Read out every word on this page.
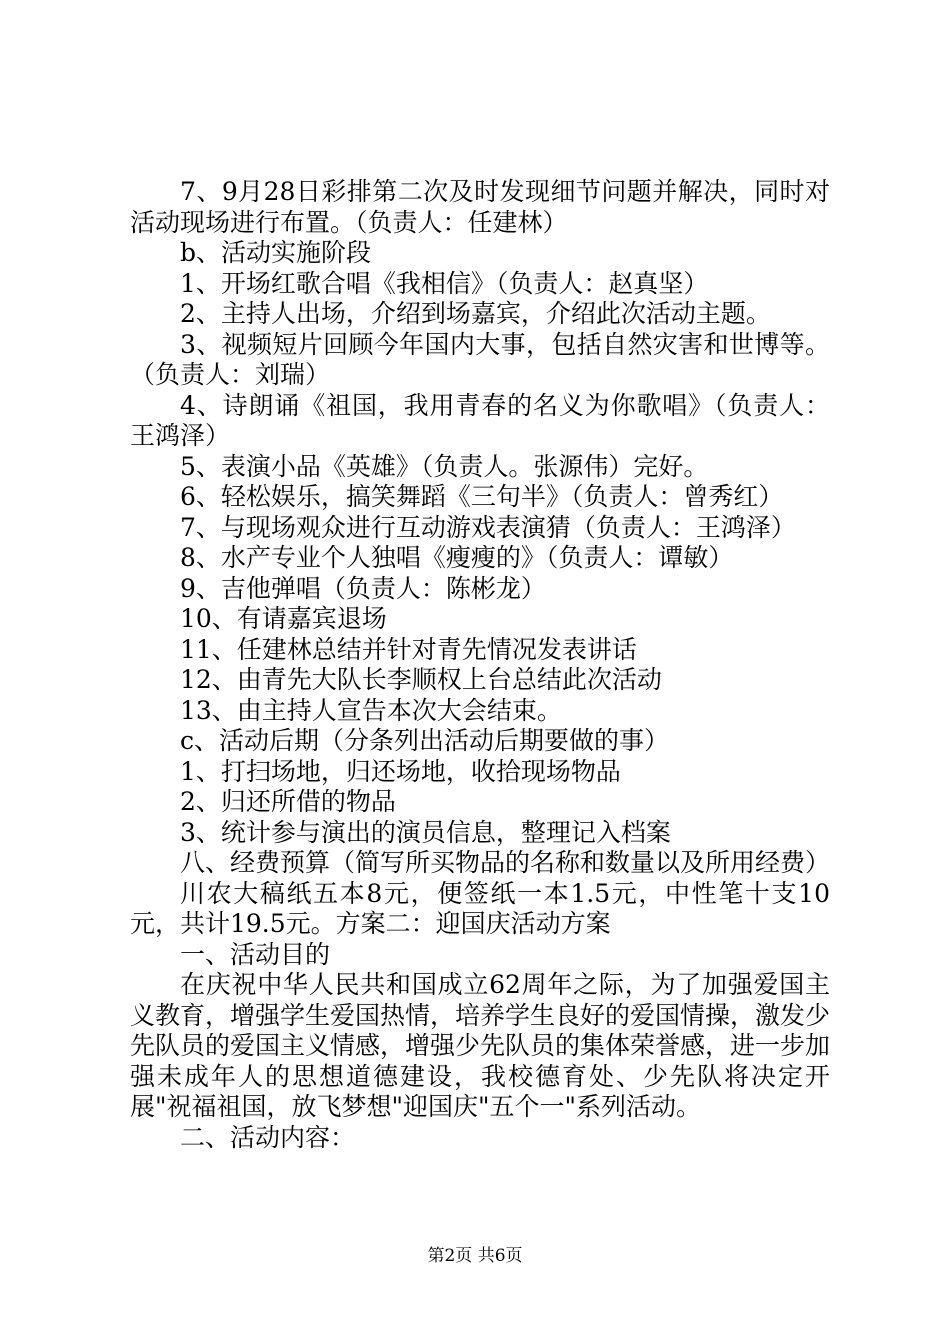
7、9月28日彩排第二次及时发现细节问题并解决，同时对活动现场进行布置。（负责人：任建林）

b、活动实施阶段

1、开场红歌合唱《我相信》（负责人：赵真坚）

2、主持人出场，介绍到场嘉宾，介绍此次活动主题。

3、视频短片回顾今年国内大事，包括自然灾害和世博等。（负责人：刘瑞）

4、诗朗诵《祖国，我用青春的名义为你歌唱》（负责人：王鸿泽）

5、表演小品《英雄》（负责人。张源伟）完好。

6、轻松娱乐，搞笑舞蹈《三句半》（负责人：曾秀红）

7、与现场观众进行互动游戏表演猜（负责人：王鸿泽）

8、水产专业个人独唱《瘦瘦的》（负责人：谭敏）

9、吉他弹唱（负责人：陈彬龙）

10、有请嘉宾退场

11、任建林总结并针对青先情况发表讲话

12、由青先大队长李顺权上台总结此次活动

13、由主持人宣告本次大会结束。

c、活动后期（分条列出活动后期要做的事）

1、打扫场地，归还场地，收拾现场物品

2、归还所借的物品

3、统计参与演出的演员信息，整理记入档案

八、经费预算（简写所买物品的名称和数量以及所用经费）

川农大稿纸五本8元，便签纸一本1.5元，中性笔十支10元，共计19.5元。方案二：迎国庆活动方案

一、活动目的

在庆祝中华人民共和国成立62周年之际，为了加强爱国主义教育，增强学生爱国热情，培养学生良好的爱国情操，激发少先队员的爱国主义情感，增强少先队员的集体荣誉感，进一步加强未成年人的思想道德建设，我校德育处、少先队将决定开展"祝福祖国，放飞梦想"迎国庆"五个一"系列活动。

二、活动内容：

第2页 共6页
